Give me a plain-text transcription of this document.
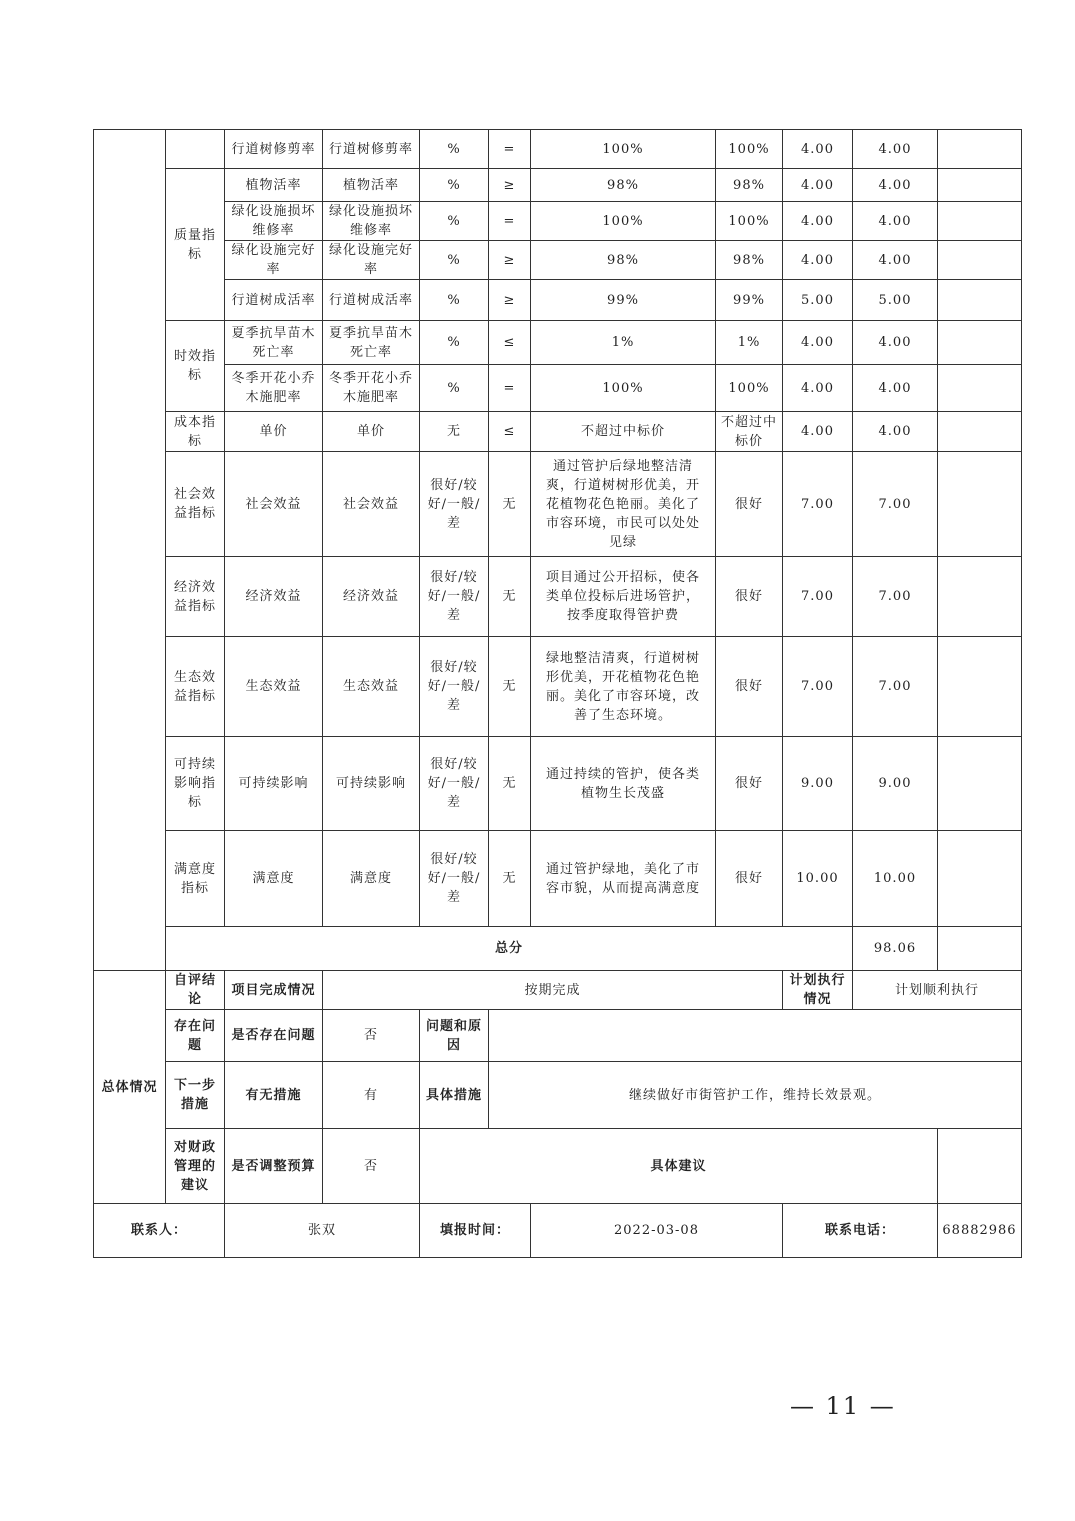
		行道树修剪率	行道树修剪率	%	=	100%	100%	4.00	4.00	
	质量指标	植物活率	植物活率	%	≥	98%	98%	4.00	4.00	
		绿化设施损坏维修率	绿化设施损坏维修率	%	=	100%	100%	4.00	4.00	
		绿化设施完好率	绿化设施完好率	%	≥	98%	98%	4.00	4.00	
		行道树成活率	行道树成活率	%	≥	99%	99%	5.00	5.00	
	时效指标	夏季抗旱苗木死亡率	夏季抗旱苗木死亡率	%	≤	1%	1%	4.00	4.00	
		冬季开花小乔木施肥率	冬季开花小乔木施肥率	%	=	100%	100%	4.00	4.00	
	成本指标	单价	单价	无	≤	不超过中标价	不超过中标价	4.00	4.00	
	社会效益指标	社会效益	社会效益	很好/较好/一般/差	无	通过管护后绿地整洁清爽，行道树树形优美，开花植物花色艳丽。美化了市容环境，市民可以处处见绿	很好	7.00	7.00	
	经济效益指标	经济效益	经济效益	很好/较好/一般/差	无	项目通过公开招标，使各类单位投标后进场管护，按季度取得管护费	很好	7.00	7.00	
	生态效益指标	生态效益	生态效益	很好/较好/一般/差	无	绿地整洁清爽，行道树树形优美，开花植物花色艳丽。美化了市容环境，改善了生态环境。	很好	7.00	7.00	
	可持续影响指标	可持续影响	可持续影响	很好/较好/一般/差	无	通过持续的管护，使各类植物生长茂盛	很好	9.00	9.00	
	满意度指标	满意度	满意度	很好/较好/一般/差	无	通过管护绿地，美化了市容市貌，从而提高满意度	很好	10.00	10.00	
	总分								98.06	
总体情况	自评结论	项目完成情况	按期完成					计划执行情况	计划顺利执行	
	存在问题	是否存在问题	否	问题和原因						
	下一步措施	有无措施	有	具体措施	继续做好市街管护工作，维持长效景观。					
	对财政管理的建议	是否调整预算	否	具体建议						
联系人：		张双		填报时间：		2022-03-08		联系电话：		68882986
— 11 —
